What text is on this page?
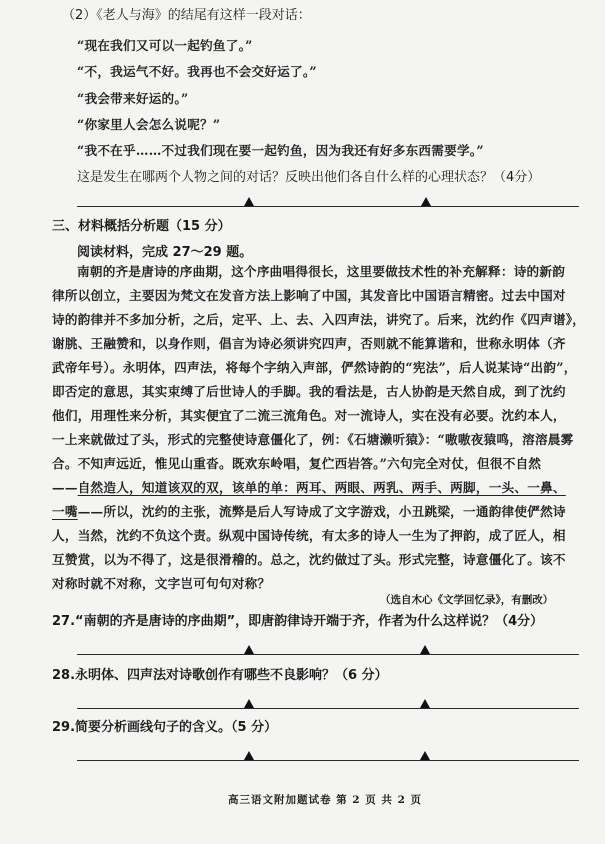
（2）《老人与海》的结尾有这样一段对话：
“现在我们又可以一起钓鱼了。”
“不，我运气不好。我再也不会交好运了。”
“我会带来好运的。”
“你家里人会怎么说呢？”
“我不在乎……不过我们现在要一起钓鱼，因为我还有好多东西需要学。”
这是发生在哪两个人物之间的对话？反映出他们各自什么样的心理状态？（4分）
三、材料概括分析题（15 分）
阅读材料，完成 27～29 题。
南朝的齐是唐诗的序曲期，这个序曲唱得很长，这里要做技术性的补充解释：诗的新韵
律所以创立，主要因为梵文在发音方法上影响了中国，其发音比中国语言精密。过去中国对
诗的韵律并不多加分析，之后，定平、上、去、入四声法，讲究了。后来，沈约作《四声谱》，
谢朓、王融赞和，以身作则，倡言为诗必须讲究四声，否则就不能算谐和，世称永明体（齐
武帝年号）。永明体，四声法，将每个字纳入声部，俨然诗韵的“宪法”，后人说某诗“出韵”，
即否定的意思，其实束缚了后世诗人的手脚。我的看法是，古人协韵是天然自成，到了沈约
他们，用理性来分析，其实便宜了二流三流角色。对一流诗人，实在没有必要。沈约本人，
一上来就做过了头，形式的完整使诗意僵化了，例：《石塘濑听猿》：“嗷嗷夜猿鸣，溶溶晨雾
合。不知声远近，惟见山重沓。既欢东岭唱，复伫西岩答。”六句完全对仗，但很不自然
——自然造人，知道该双的双，该单的单：两耳、两眼、两乳、两手、两脚，一头、一鼻、
一嘴——所以，沈约的主张，流弊是后人写诗成了文字游戏，小丑跳梁，一通韵律使俨然诗
人，当然，沈约不负这个责。纵观中国诗传统，有太多的诗人一生为了押韵，成了匠人，相
互赞赏，以为不得了，这是很滑稽的。总之，沈约做过了头。形式完整，诗意僵化了。该不
对称时就不对称，文字岂可句句对称？
（选自木心《文学回忆录》，有删改）
27.“南朝的齐是唐诗的序曲期”，即唐韵律诗开端于齐，作者为什么这样说？（4分）
28.永明体、四声法对诗歌创作有哪些不良影响？（6 分）
29.简要分析画线句子的含义。（5 分）
高三语文附加题试卷 第 2 页 共 2 页
